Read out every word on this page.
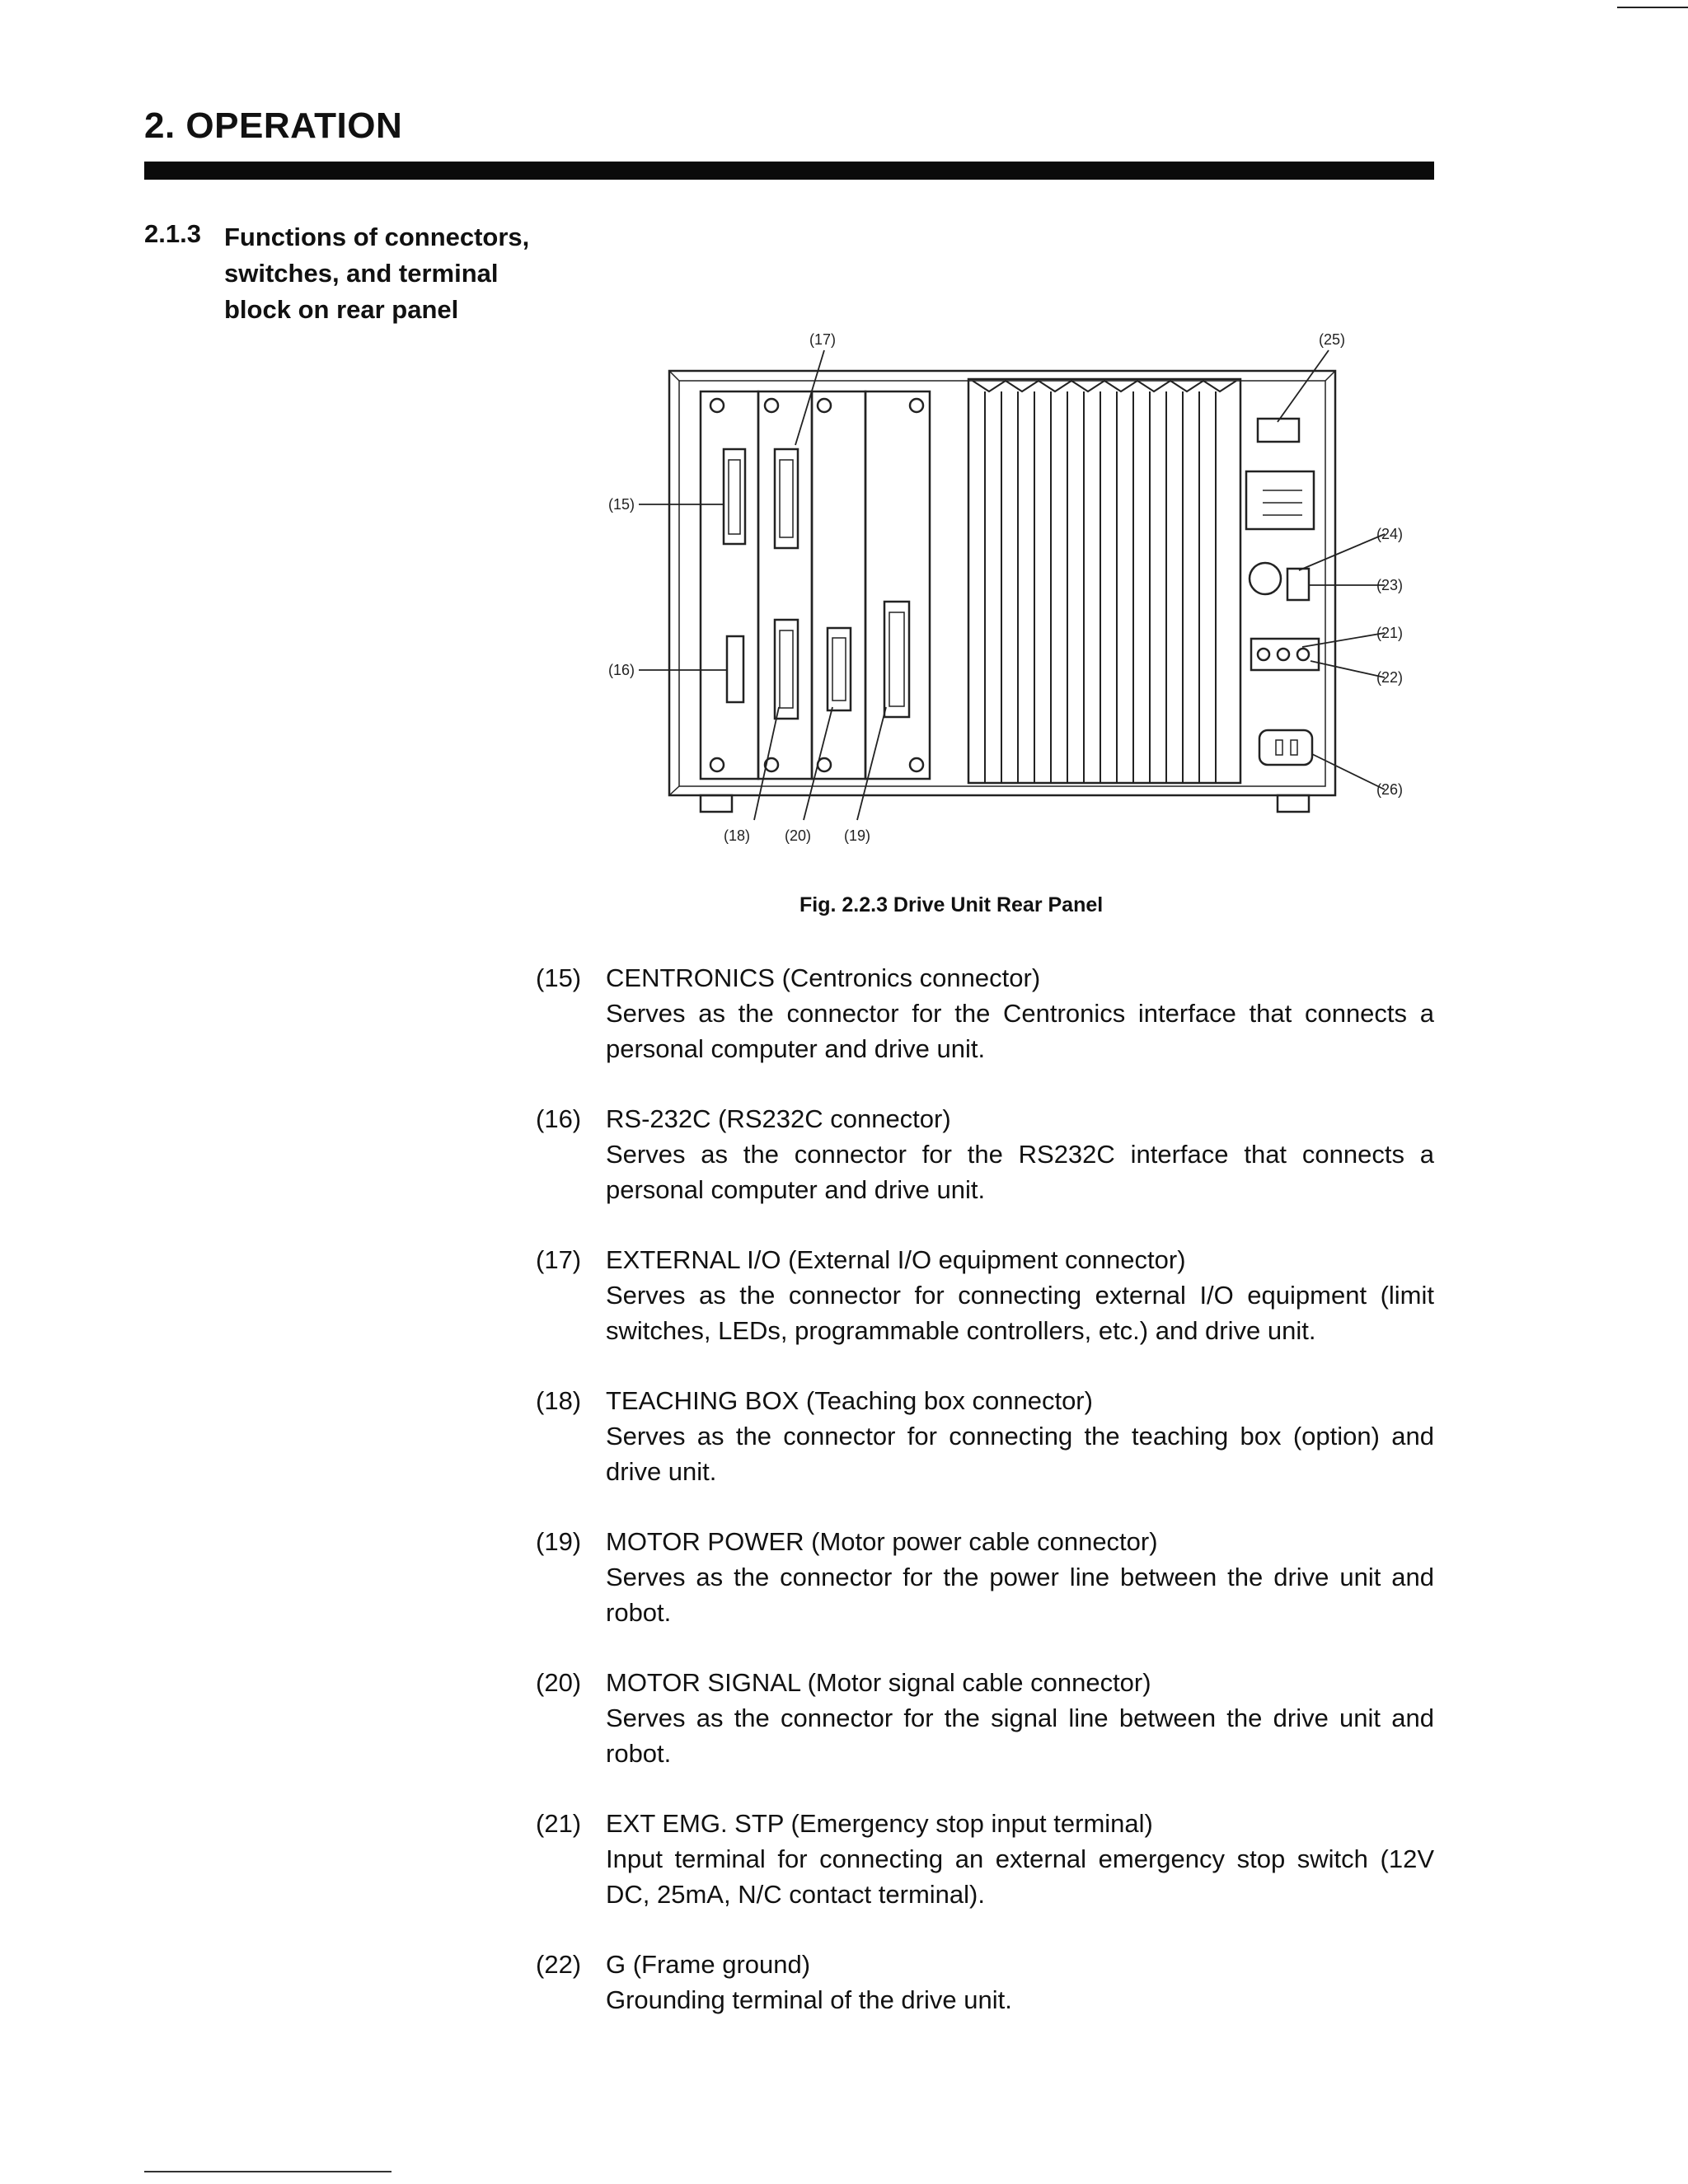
2. OPERATION
2.1.3 Functions of connectors, switches, and terminal block on rear panel
(15)
(16)
(17)
(18)	(19)
(20)
(21)
(22)
(23)
(24)
(25)
(26)
Fig. 2.2.3 Drive Unit Rear Panel
(15) CENTRONICS (Centronics connector)
Serves as the connector for the Centronics interface that connects a personal computer and drive unit.
(16) RS-232C (RS232C connector)
Serves as the connector for the RS232C interface that connects a personal computer and drive unit.
(17) EXTERNAL I/O (External I/O equipment connector)
Serves as the connector for connecting external I/O equipment (limit switches, LEDs, programmable controllers, etc.) and drive unit.
(18) TEACHING BOX (Teaching box connector)
Serves as the connector for connecting the teaching box (option) and drive unit.
(19) MOTOR POWER (Motor power cable connector)
Serves as the connector for the power line between the drive unit and robot.
(20) MOTOR SIGNAL (Motor signal cable connector)
Serves as the connector for the signal line between the drive unit and robot.
(21) EXT EMG. STP (Emergency stop input terminal)
Input terminal for connecting an external emergency stop switch (12V DC, 25mA, N/C contact terminal).
(22) G (Frame ground)
Grounding terminal of the drive unit.
